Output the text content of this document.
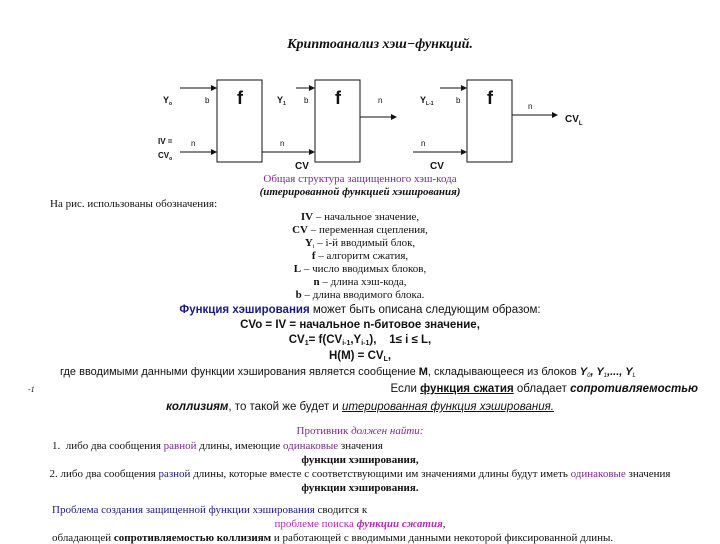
Криптоанализ хэш−функций.
f	f	f
$Y_o$	b
n
IV =
$CV_o$
$Y_1$ b	n
n
CV
$Y_{L-1}$	b
n
CV
n
$CV_L$
Общая структура защищенного хэш-кода
(итерированной функцией хэширования)
На рис. использованы обозначения:
IV – начальное значение,
CV – переменная сцепления,
$Y_i - i-й$ вводимый блок,
f – алгоритм сжатия,
L – число вводимых блоков,
n – длина хэш-кода,
b – длина вводимого блока.
Функция хэширования может быть описана следующим образом:
CVo = IV = начальное n-битовое значение,
$CV_1= f(CV_{i-1},Y_{i-1})$,    1≤ i ≤ L,
$H(M) = CV_L$,
где вводимыми данными функции хэширования является сообщение M, складывающееся из блоков $Y_0$, $Y_1$,..., $Y_L$
-1	Если функция сжатия обладает сопротивляемостью
коллизиям, то такой же будет и итерированная функция хэширования.
Противник должен найти:
1.  либо два сообщения равной длины, имеющие одинаковые значения
функции хэширования,
2. либо два сообщения разной длины, которые вместе с соответствующими им значениями длины будут иметь одинаковые значения
функции хэширования.
Проблема создания защищенной функции хэширования сводится к
проблеме поиска функции сжатия,
обладающей сопротивляемостью коллизиям и работающей с вводимыми данными некоторой фиксированной длины.
